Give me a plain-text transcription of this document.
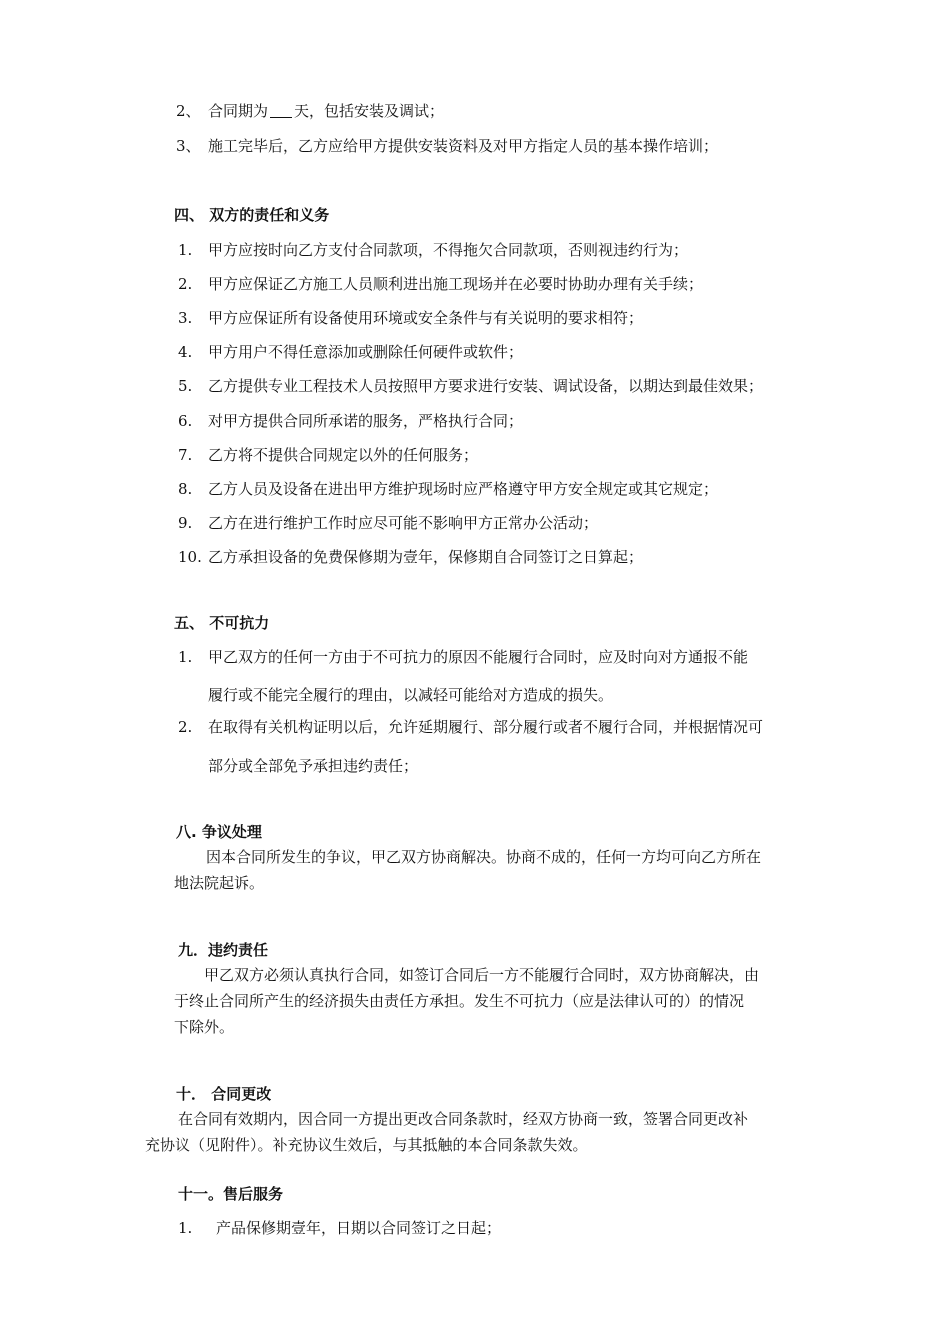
2、 合同期为 天，包括安装及调试；
3、 施工完毕后，乙方应给甲方提供安装资料及对甲方指定人员的基本操作培训；
四、 双方的责任和义务
1. 甲方应按时向乙方支付合同款项，不得拖欠合同款项，否则视违约行为；
2. 甲方应保证乙方施工人员顺利进出施工现场并在必要时协助办理有关手续；
3. 甲方应保证所有设备使用环境或安全条件与有关说明的要求相符；
4. 甲方用户不得任意添加或删除任何硬件或软件；
5. 乙方提供专业工程技术人员按照甲方要求进行安装、调试设备，以期达到最佳效果；
6. 对甲方提供合同所承诺的服务，严格执行合同；
7. 乙方将不提供合同规定以外的任何服务；
8. 乙方人员及设备在进出甲方维护现场时应严格遵守甲方安全规定或其它规定；
9. 乙方在进行维护工作时应尽可能不影响甲方正常办公活动；
10. 乙方承担设备的免费保修期为壹年，保修期自合同签订之日算起；
五、 不可抗力
1. 甲乙双方的任何一方由于不可抗力的原因不能履行合同时，应及时向对方通报不能
履行或不能完全履行的理由，以减轻可能给对方造成的损失。
2. 在取得有关机构证明以后，允许延期履行、部分履行或者不履行合同，并根据情况可
部分或全部免予承担违约责任；
八. 争议处理
因本合同所发生的争议，甲乙双方协商解决。协商不成的，任何一方均可向乙方所在
地法院起诉。
九．违约责任
甲乙双方必须认真执行合同，如签订合同后一方不能履行合同时，双方协商解决，由
于终止合同所产生的经济损失由责任方承担。发生不可抗力（应是法律认可的）的情况
下除外。
十． 合同更改
在合同有效期内，因合同一方提出更改合同条款时，经双方协商一致，签署合同更改补
充协议（见附件）。补充协议生效后，与其抵触的本合同条款失效。
十一。售后服务
1. 产品保修期壹年，日期以合同签订之日起；
